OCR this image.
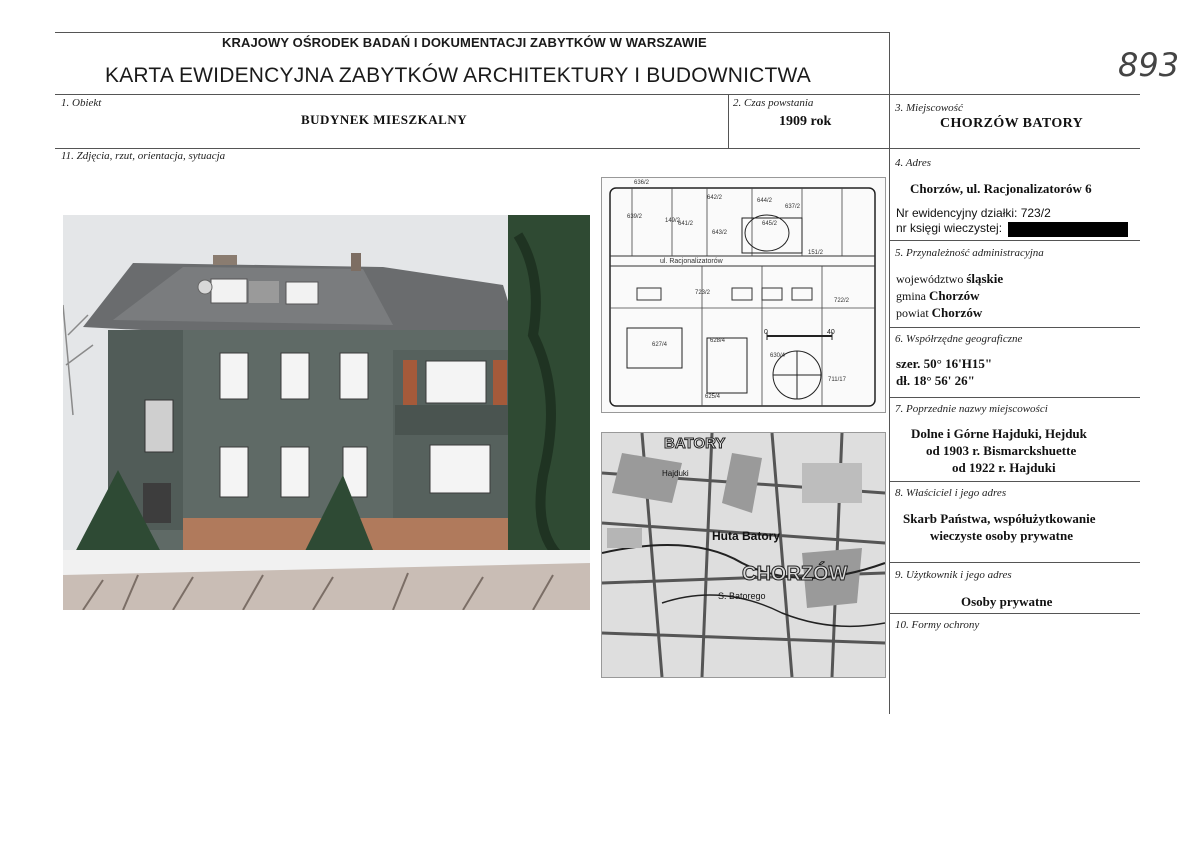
KRAJOWY OŚRODEK BADAŃ I DOKUMENTACJI ZABYTKÓW W WARSZAWIE
KARTA EWIDENCYJNA ZABYTKÓW ARCHITEKTURY I BUDOWNICTWA	893
1. Obiekt
BUDYNEK MIESZKALNY
2. Czas powstania
1909 rok
3. Miejscowość
CHORZÓW BATORY
11. Zdjęcia, rzut, orientacja, sytuacja
ul. Racjonalizatorów
636/2
642/2	644/2
637/2
149/2
643/2
645/2
151/2
723/2
722/2
627/4
628/4
630/4
711/17
625/4
641/2
639/2
0	40
BATORY
Huta Batory
CHORZÓW
S. Batorego
Hajduki
4. Adres
Chorzów, ul. Racjonalizatorów 6
Nr ewidencyjny działki: 723/2
nr księgi wieczystej:
5. Przynależność administracyjna
województwo śląskie
gmina Chorzów
powiat Chorzów
6. Współrzędne geograficzne
szer. 50° 16'H15"
dł. 18° 56' 26"
7. Poprzednie nazwy miejscowości
Dolne i Górne Hajduki, Hejduk
od 1903 r. Bismarckshuette
od 1922 r. Hajduki
8. Właściciel i jego adres
Skarb Państwa, współużytkowanie
wieczyste osoby prywatne
9. Użytkownik i jego adres
Osoby prywatne
10. Formy ochrony
